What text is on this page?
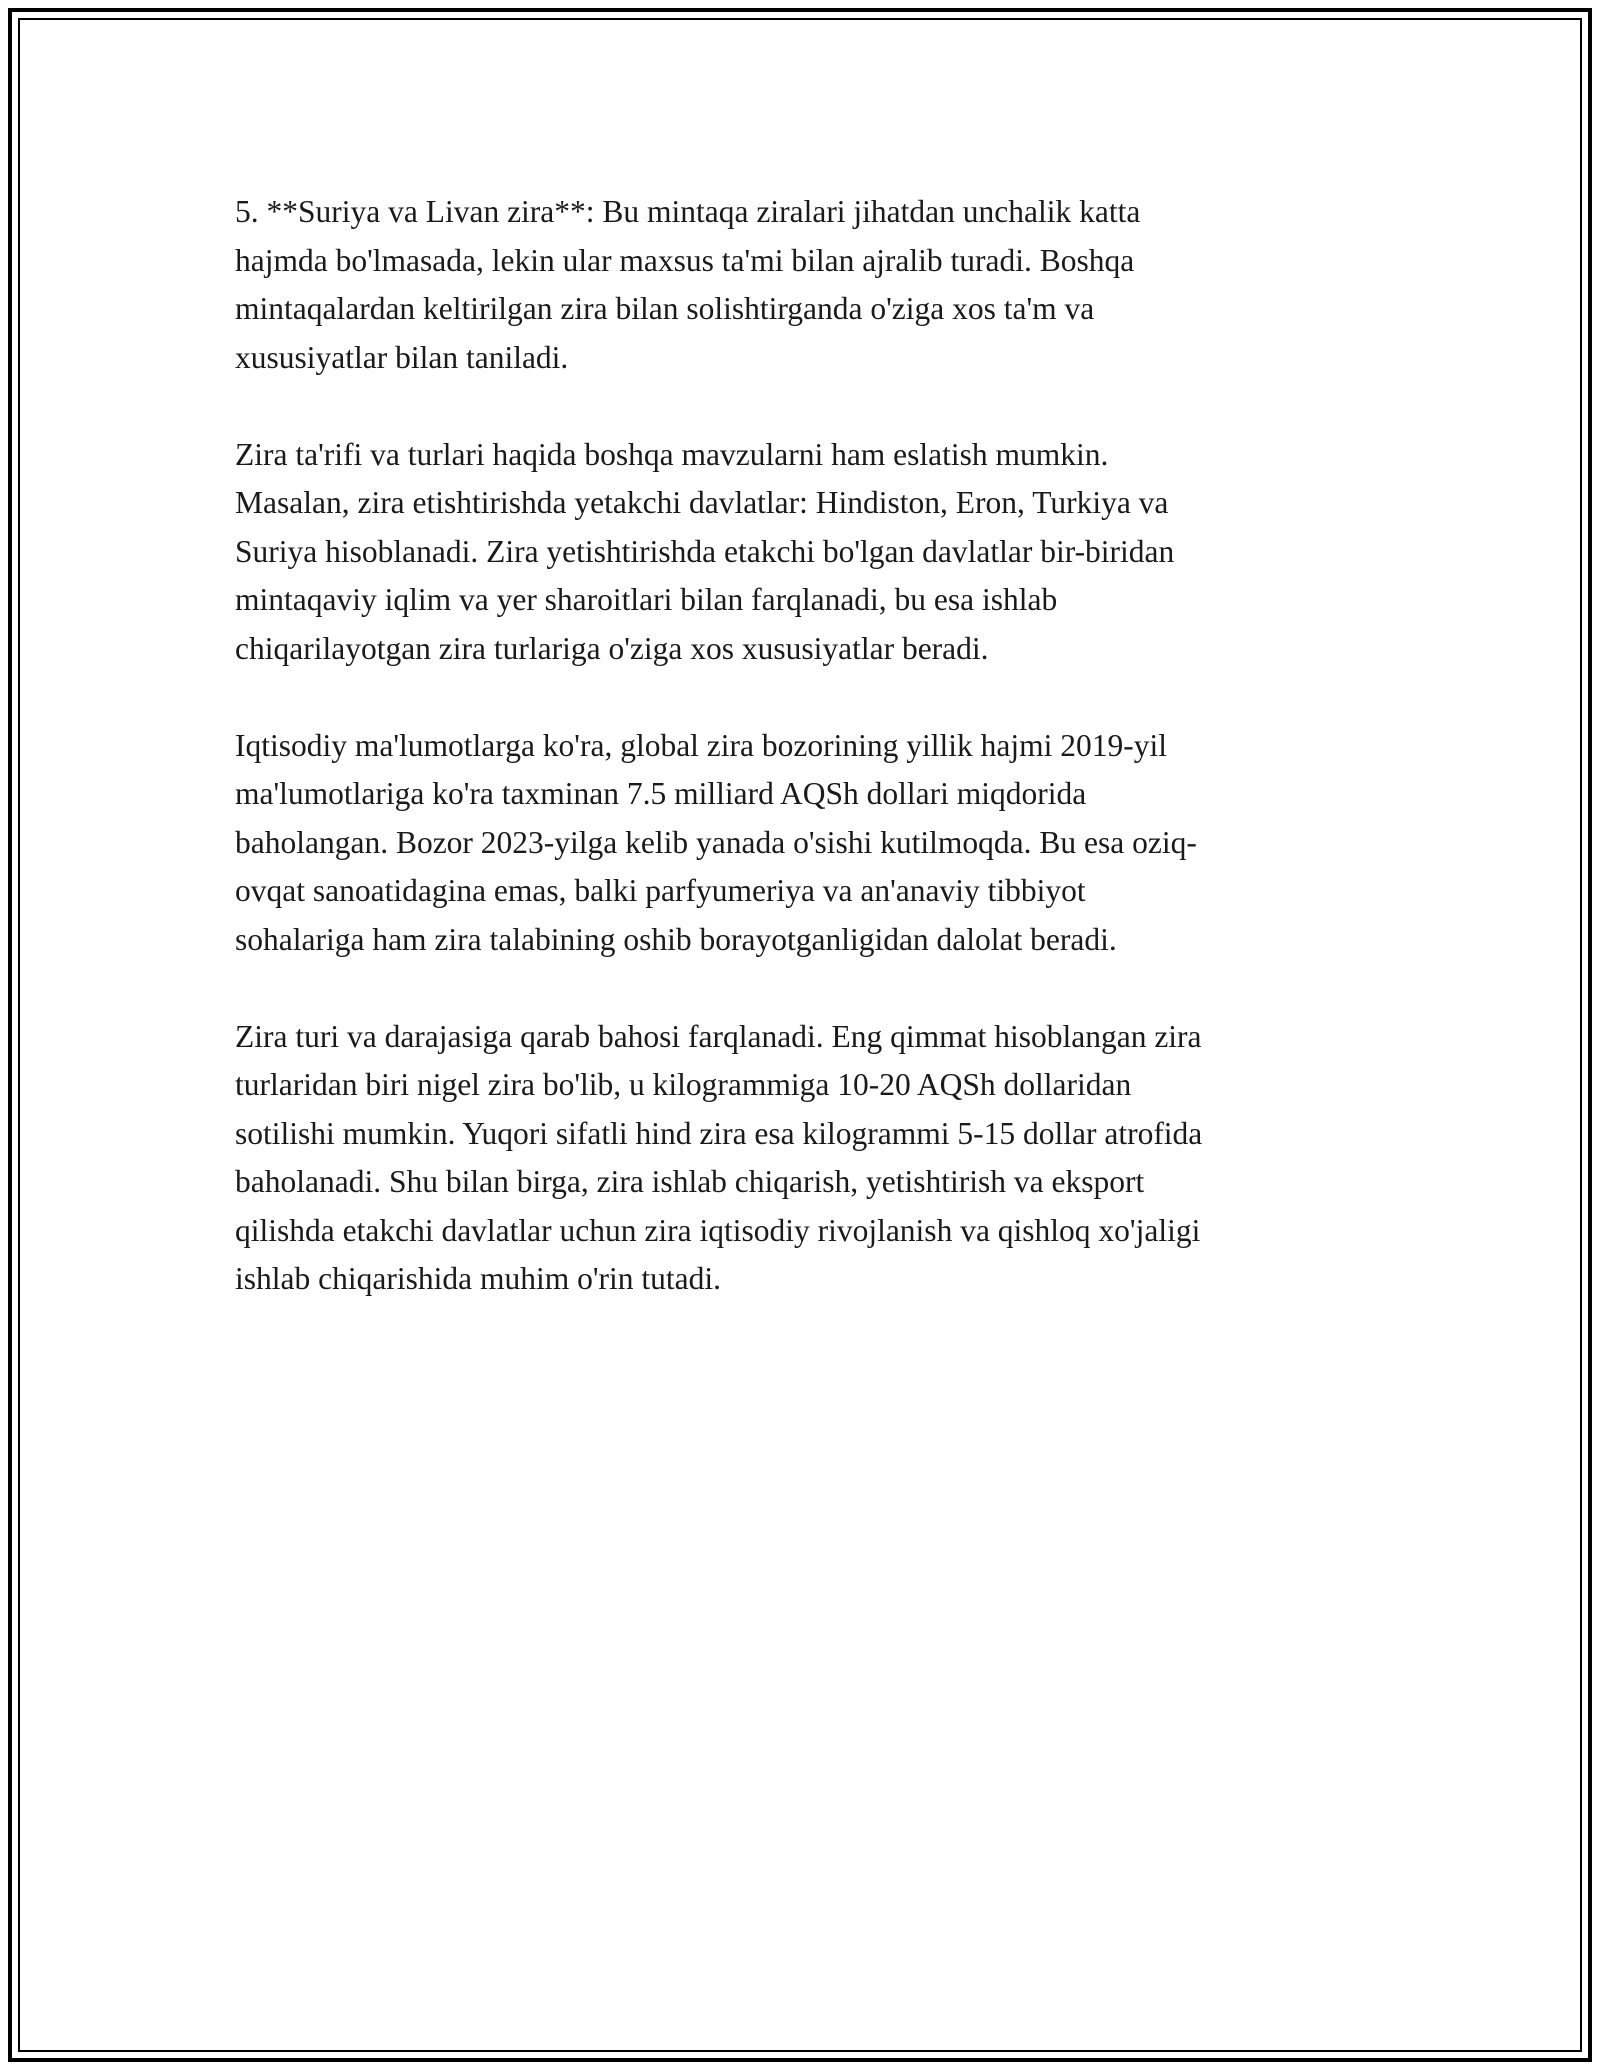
5. **Suriya va Livan zira**: Bu mintaqa ziralari jihatdan unchalik katta
hajmda bo'lmasada, lekin ular maxsus ta'mi bilan ajralib turadi. Boshqa
mintaqalardan keltirilgan zira bilan solishtirganda o'ziga xos ta'm va
xususiyatlar bilan taniladi.

Zira ta'rifi va turlari haqida boshqa mavzularni ham eslatish mumkin.
Masalan, zira etishtirishda yetakchi davlatlar: Hindiston, Eron, Turkiya va
Suriya hisoblanadi. Zira yetishtirishda etakchi bo'lgan davlatlar bir-biridan
mintaqaviy iqlim va yer sharoitlari bilan farqlanadi, bu esa ishlab
chiqarilayotgan zira turlariga o'ziga xos xususiyatlar beradi.

Iqtisodiy ma'lumotlarga ko'ra, global zira bozorining yillik hajmi 2019-yil
ma'lumotlariga ko'ra taxminan 7.5 milliard AQSh dollari miqdorida
baholangan. Bozor 2023-yilga kelib yanada o'sishi kutilmoqda. Bu esa oziq-
ovqat sanoatidagina emas, balki parfyumeriya va an'anaviy tibbiyot
sohalariga ham zira talabining oshib borayotganligidan dalolat beradi.

Zira turi va darajasiga qarab bahosi farqlanadi. Eng qimmat hisoblangan zira
turlaridan biri nigel zira bo'lib, u kilogrammiga 10-20 AQSh dollaridan
sotilishi mumkin. Yuqori sifatli hind zira esa kilogrammi 5-15 dollar atrofida
baholanadi. Shu bilan birga, zira ishlab chiqarish, yetishtirish va eksport
qilishda etakchi davlatlar uchun zira iqtisodiy rivojlanish va qishloq xo'jaligi
ishlab chiqarishida muhim o'rin tutadi.
